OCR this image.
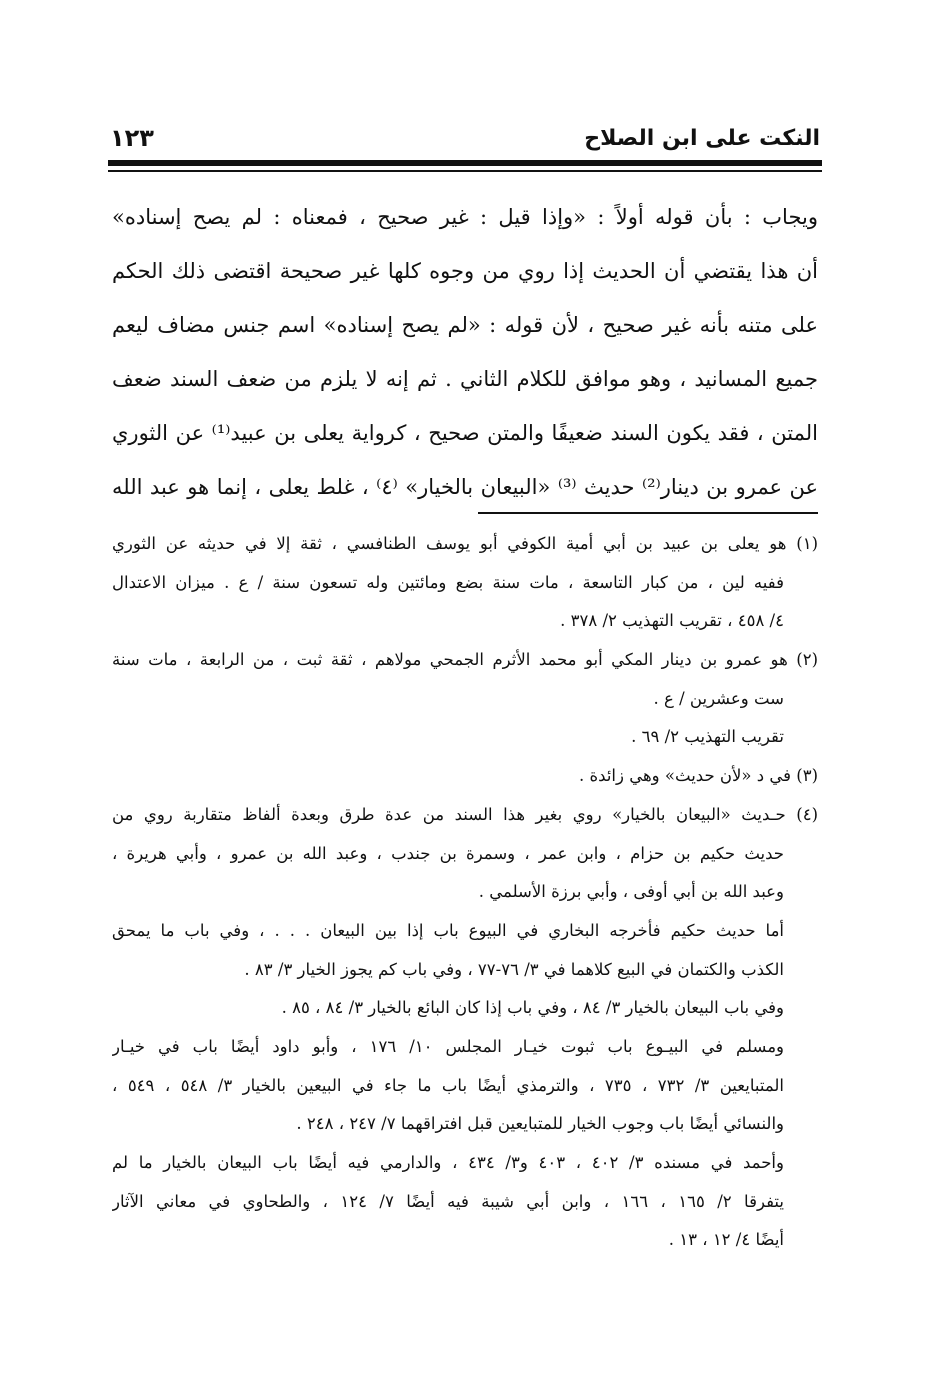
النكت على ابن الصلاح
١٢٣
ويجاب : بأن قوله أولاً : «وإذا قيل : غير صحيح ، فمعناه : لم يصح إسناده»
أن هذا يقتضي أن الحديث إذا روي من وجوه كلها غير صحيحة اقتضى ذلك الحكم
على متنه بأنه غير صحيح ، لأن قوله : «لم يصح إسناده» اسم جنس مضاف ليعم
جميع المسانيد ، وهو موافق للكلام الثاني . ثم إنه لا يلزم من ضعف السند ضعف
المتن ، فقد يكون السند ضعيفًا والمتن صحيح ، كرواية يعلى بن عبيد⁽¹⁾ عن الثوري
عن عمرو بن دينار⁽²⁾ حديث ⁽³⁾ «البيعان بالخيار» ⁽٤⁾ ، غلط يعلى ، إنما هو عبد الله
(١) هو يعلى بن عبيد بن أبي أمية الكوفي أبو يوسف الطنافسي ، ثقة إلا في حديثه عن الثوري
ففيه لين ، من كبار التاسعة ، مات سنة بضع ومائتين وله تسعون سنة / ع . ميزان الاعتدال
٤/ ٤٥٨ ، تقريب التهذيب ٢/ ٣٧٨ .
(٢) هو عمرو بن دينار المكي أبو محمد الأثرم الجمحي مولاهم ، ثقة ثبت ، من الرابعة ، مات سنة
ست وعشرين / ع .
تقريب التهذيب ٢/ ٦٩ .
(٣) في د «لأن حديث» وهي زائدة .
(٤) حـديث «البيعان بالخيار» روي بغير هذا السند من عدة طرق وبعدة ألفاظ متقاربة روي من
حديث حكيم بن حزام ، وابن عمر ، وسمرة بن جندب ، وعبد الله بن عمرو ، وأبي هريرة ،
وعبد الله بن أبي أوفى ، وأبي برزة الأسلمي .
أما حديث حكيم فأخرجه البخاري في البيوع باب إذا بين البيعان . . . ، وفي باب ما يمحق
الكذب والكتمان في البيع كلاهما في ٣/ ٧٦-٧٧ ، وفي باب كم يجوز الخيار ٣/ ٨٣ .
وفي باب البيعان بالخيار ٣/ ٨٤ ، وفي باب إذا كان البائع بالخيار ٣/ ٨٤ ، ٨٥ .
ومسلم في البيـوع باب ثبوت خيـار المجلس ١٠/ ١٧٦ ، وأبو داود أيضًا باب في خيـار
المتبايعين ٣/ ٧٣٢ ، ٧٣٥ ، والترمذي أيضًا باب ما جاء في البيعين بالخيار ٣/ ٥٤٨ ، ٥٤٩ ،
والنسائي أيضًا باب وجوب الخيار للمتبايعين قبل افتراقهما ٧/ ٢٤٧ ، ٢٤٨ .
وأحمد في مسنده ٣/ ٤٠٢ ، ٤٠٣ و٣/ ٤٣٤ ، والدارمي فيه أيضًا باب البيعان بالخيار ما لم
يتفرقا ٢/ ١٦٥ ، ١٦٦ ، وابن أبي شيبة فيه أيضًا ٧/ ١٢٤ ، والطحاوي في معاني الآثار
أيضًا ٤/ ١٢ ، ١٣ .
